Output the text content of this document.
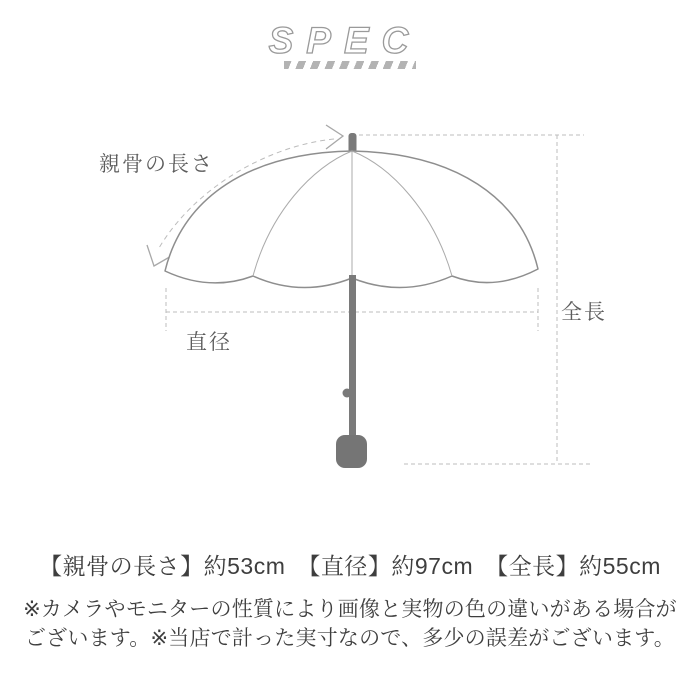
SPEC
親骨の長さ
直径
全長
【親骨の長さ】約53cm　【直径】約97cm　【全長】約55cm
※カメラやモニターの性質により画像と実物の色の違いがある場合が
ございます。※当店で計った実寸なので、多少の誤差がございます。
